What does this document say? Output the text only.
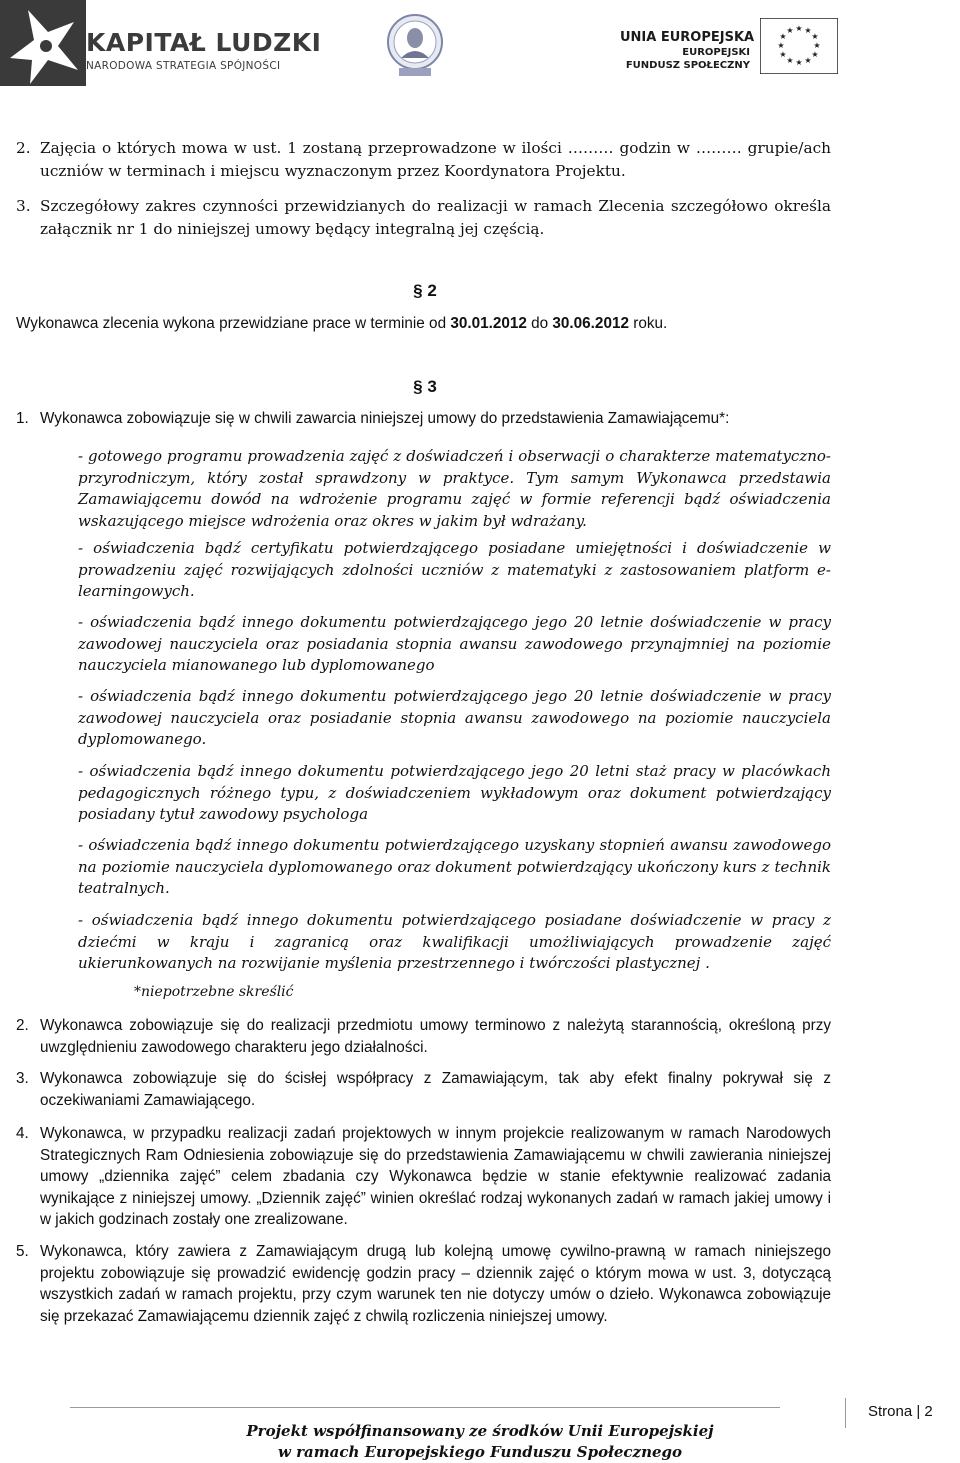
KAPITAŁ LUDZKI
NARODOWA STRATEGIA SPÓJNOŚCI
UNIA EUROPEJSKA
EUROPEJSKI
FUNDUSZ SPOŁECZNY
★ ★
★
★
★
★
★
★
★
★
★
★
2. Zajęcia o których mowa w ust. 1 zostaną przeprowadzone w ilości ……… godzin w ……… grupie/ach uczniów w terminach i miejscu wyznaczonym przez Koordynatora Projektu.
3. Szczegółowy zakres czynności przewidzianych do realizacji w ramach Zlecenia szczegółowo określa załącznik nr 1 do niniejszej umowy będący integralną jej częścią.
§ 2
Wykonawca zlecenia wykona przewidziane prace w terminie od 30.01.2012 do 30.06.2012 roku.
§ 3
1. Wykonawca zobowiązuje się w chwili zawarcia niniejszej umowy do przedstawienia Zamawiającemu*:
- gotowego programu prowadzenia zajęć z doświadczeń i obserwacji o charakterze matematyczno-przyrodniczym, który został sprawdzony w praktyce. Tym samym Wykonawca przedstawia Zamawiającemu dowód na wdrożenie programu zajęć w formie referencji bądź oświadczenia wskazującego miejsce wdrożenia oraz okres w jakim był wdrażany.
- oświadczenia bądź certyfikatu potwierdzającego posiadane umiejętności i doświadczenie w prowadzeniu zajęć rozwijających zdolności uczniów z matematyki z zastosowaniem platform e-learningowych.
- oświadczenia bądź innego dokumentu potwierdzającego jego 20 letnie doświadczenie w pracy zawodowej nauczyciela oraz posiadania stopnia awansu zawodowego przynajmniej na poziomie nauczyciela mianowanego lub dyplomowanego
- oświadczenia bądź innego dokumentu potwierdzającego jego 20 letnie doświadczenie w pracy zawodowej nauczyciela oraz posiadanie stopnia awansu zawodowego na poziomie nauczyciela dyplomowanego.
- oświadczenia bądź innego dokumentu potwierdzającego jego 20 letni staż pracy w placówkach pedagogicznych różnego typu, z doświadczeniem wykładowym oraz dokument potwierdzający posiadany tytuł zawodowy psychologa
- oświadczenia bądź innego dokumentu potwierdzającego uzyskany stopnień awansu zawodowego na poziomie nauczyciela dyplomowanego oraz dokument potwierdzający ukończony kurs z technik teatralnych.
- oświadczenia bądź innego dokumentu potwierdzającego posiadane doświadczenie w pracy z dziećmi w kraju i zagranicą oraz kwalifikacji umożliwiających prowadzenie zajęć ukierunkowanych na rozwijanie myślenia przestrzennego i twórczości plastycznej .
*niepotrzebne skreślić
2. Wykonawca zobowiązuje się do realizacji przedmiotu umowy terminowo z należytą starannością, określoną przy uwzględnieniu zawodowego charakteru jego działalności.
3. Wykonawca zobowiązuje się do ścisłej współpracy z Zamawiającym, tak aby efekt finalny pokrywał się z oczekiwaniami Zamawiającego.
4. Wykonawca, w przypadku realizacji zadań projektowych w innym projekcie realizowanym w ramach Narodowych Strategicznych Ram Odniesienia zobowiązuje się do przedstawienia Zamawiającemu w chwili zawierania niniejszej umowy „dziennika zajęć” celem zbadania czy Wykonawca będzie w stanie efektywnie realizować zadania wynikające z niniejszej umowy. „Dziennik zajęć” winien określać rodzaj wykonanych zadań w ramach jakiej umowy i w jakich godzinach zostały one zrealizowane.
5. Wykonawca, który zawiera z Zamawiającym drugą lub kolejną umowę cywilno-prawną w ramach niniejszego projektu zobowiązuje się prowadzić ewidencję godzin pracy – dziennik zajęć o którym mowa w ust. 3, dotyczącą wszystkich zadań w ramach projektu, przy czym warunek ten nie dotyczy umów o dzieło. Wykonawca zobowiązuje się przekazać Zamawiającemu dziennik zajęć z chwilą rozliczenia niniejszej umowy.
Strona | 2
Projekt współfinansowany ze środków Unii Europejskiej
w ramach Europejskiego Funduszu Społecznego
